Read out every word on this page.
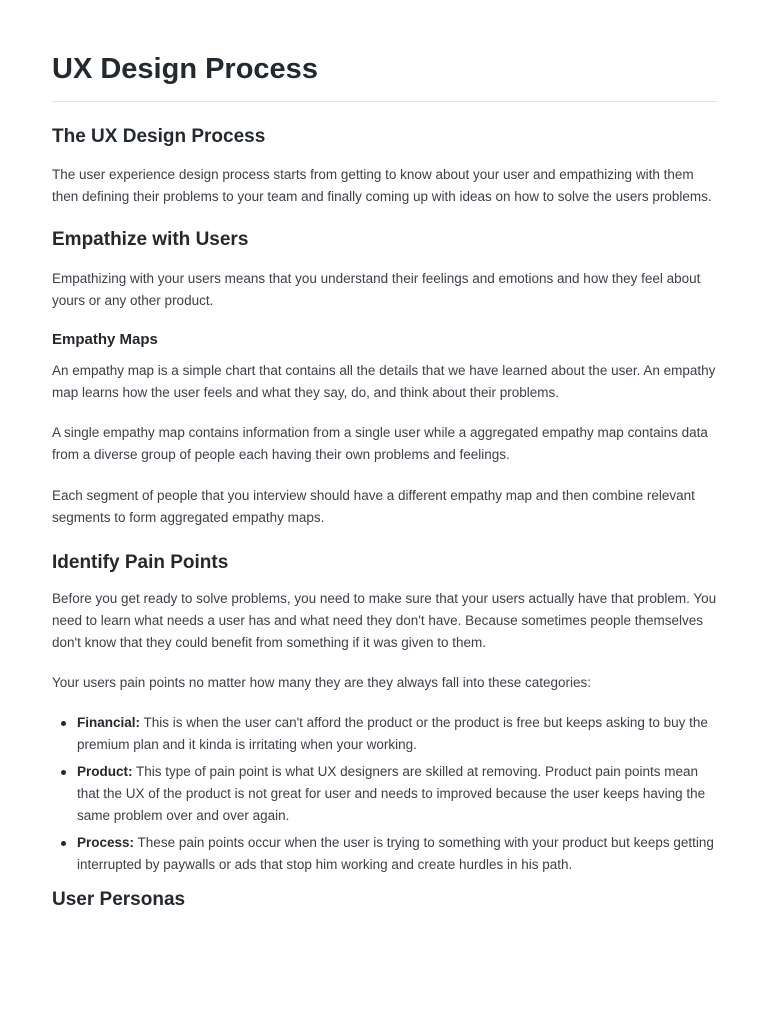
UX Design Process
The UX Design Process

The user experience design process starts from getting to know about your user and empathizing with them then defining their problems to your team and finally coming up with ideas on how to solve the users problems.

Empathize with Users

Empathizing with your users means that you understand their feelings and emotions and how they feel about yours or any other product.

Empathy Maps

An empathy map is a simple chart that contains all the details that we have learned about the user. An empathy map learns how the user feels and what they say, do, and think about their problems.

A single empathy map contains information from a single user while a aggregated empathy map contains data from a diverse group of people each having their own problems and feelings.

Each segment of people that you interview should have a different empathy map and then combine relevant segments to form aggregated empathy maps.

Identify Pain Points

Before you get ready to solve problems, you need to make sure that your users actually have that problem. You need to learn what needs a user has and what need they don't have. Because sometimes people themselves don't know that they could benefit from something if it was given to them.

Your users pain points no matter how many they are they always fall into these categories:

Financial: This is when the user can't afford the product or the product is free but keeps asking to buy the premium plan and it kinda is irritating when your working.
Product: This type of pain point is what UX designers are skilled at removing. Product pain points mean that the UX of the product is not great for user and needs to improved because the user keeps having the same problem over and over again.
Process: These pain points occur when the user is trying to something with your product but keeps getting interrupted by paywalls or ads that stop him working and create hurdles in his path.
User Personas
